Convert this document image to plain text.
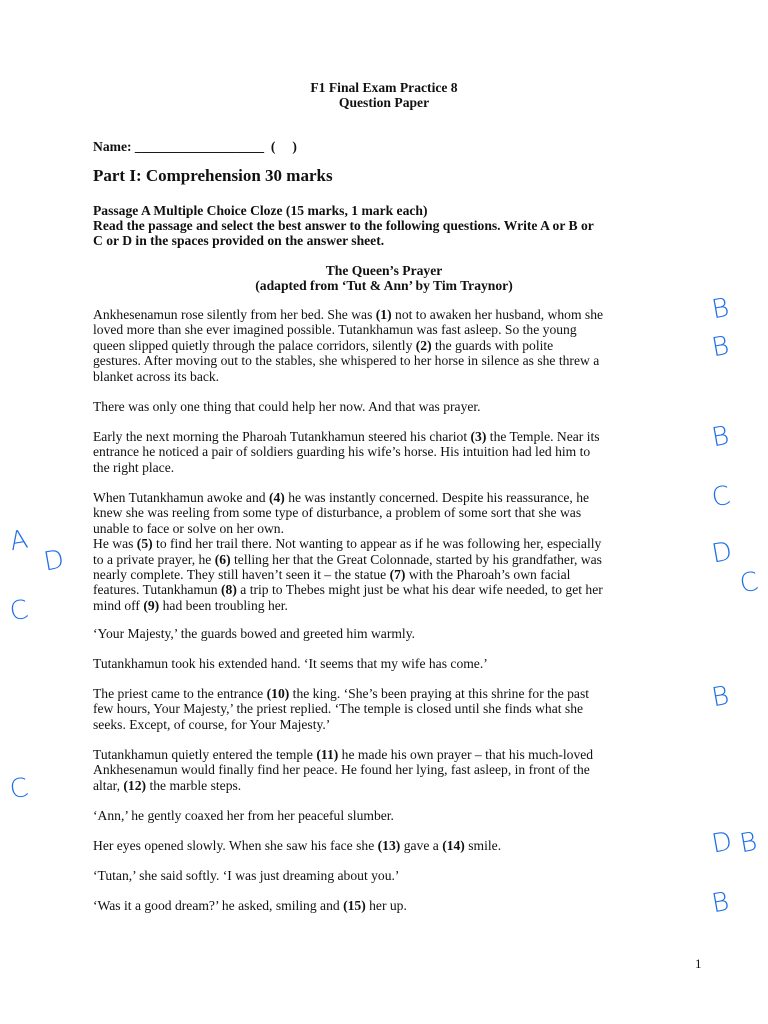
F1 Final Exam Practice 8
Question Paper
Name: ___________________  (     )
Part I: Comprehension 30 marks
Passage A Multiple Choice Cloze (15 marks, 1 mark each)
Read the passage and select the best answer to the following questions. Write A or B or
C or D in the spaces provided on the answer sheet.
The Queen’s Prayer
(adapted from ‘Tut & Ann’ by Tim Traynor)
Ankhesenamun rose silently from her bed. She was (1) not to awaken her husband, whom she
loved more than she ever imagined possible. Tutankhamun was fast asleep. So the young
queen slipped quietly through the palace corridors, silently (2) the guards with polite
gestures. After moving out to the stables, she whispered to her horse in silence as she threw a
blanket across its back.
There was only one thing that could help her now. And that was prayer.
Early the next morning the Pharoah Tutankhamun steered his chariot (3) the Temple. Near its
entrance he noticed a pair of soldiers guarding his wife’s horse. His intuition had led him to
the right place.
When Tutankhamun awoke and (4) he was instantly concerned. Despite his reassurance, he
knew she was reeling from some type of disturbance, a problem of some sort that she was
unable to face or solve on her own.
He was (5) to find her trail there. Not wanting to appear as if he was following her, especially
to a private prayer, he (6) telling her that the Great Colonnade, started by his grandfather, was
nearly complete. They still haven’t seen it – the statue (7) with the Pharoah’s own facial
features. Tutankhamun (8) a trip to Thebes might just be what his dear wife needed, to get her
mind off (9) had been troubling her.
‘Your Majesty,’ the guards bowed and greeted him warmly.
Tutankhamun took his extended hand. ‘It seems that my wife has come.’
The priest came to the entrance (10) the king. ‘She’s been praying at this shrine for the past
few hours, Your Majesty,’ the priest replied. ‘The temple is closed until she finds what she
seeks. Except, of course, for Your Majesty.’
Tutankhamun quietly entered the temple (11) he made his own prayer – that his much-loved
Ankhesenamun would finally find her peace. He found her lying, fast asleep, in front of the
altar, (12) the marble steps.
‘Ann,’ he gently coaxed her from her peaceful slumber.
Her eyes opened slowly. When she saw his face she (13) gave a (14) smile.
‘Tutan,’ she said softly. ‘I was just dreaming about you.’
‘Was it a good dream?’ he asked, smiling and (15) her up.
B
B
B
C
A
D	D
C
C
B
C
D B
B
1
